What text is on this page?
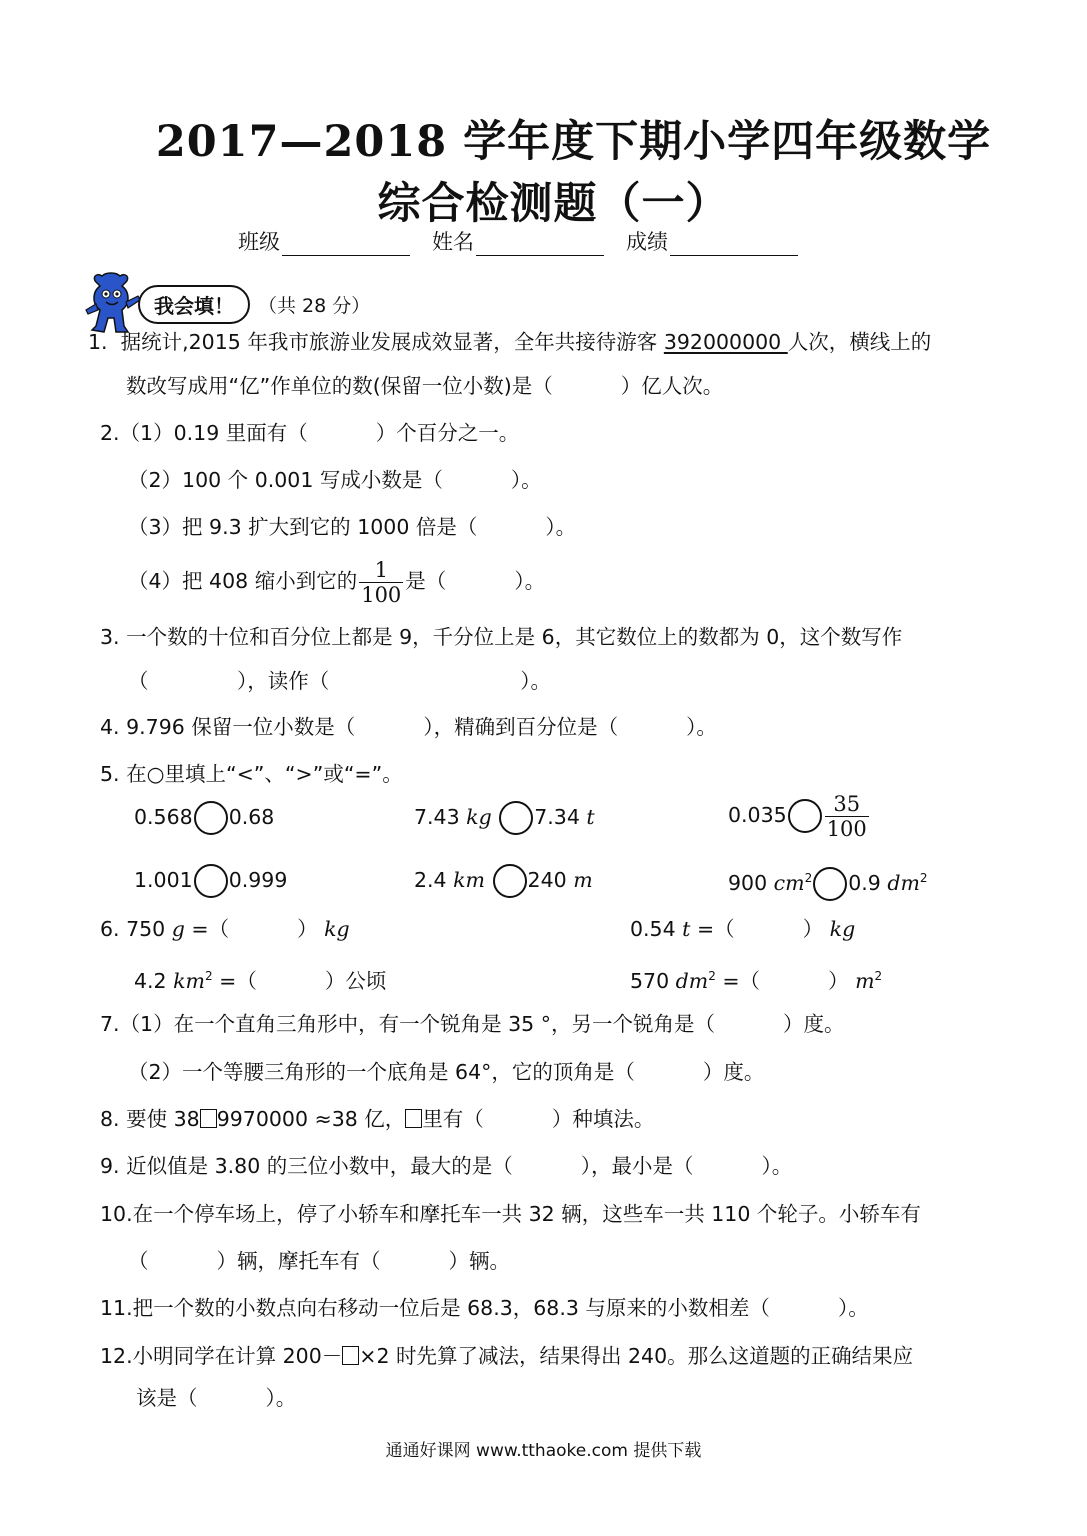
2017—2018 学年度下期小学四年级数学
综合检测题（一）
班级	姓名	成绩
我会填！	（共 28 分）
1. 据统计,2015 年我市旅游业发展成效显著，全年共接待游客 392000000 人次，横线上的
数改写成用“亿”作单位的数(保留一位小数)是（　　　 ）亿人次。
2.（1）0.19 里面有（　　　 ）个百分之一。
（2）100 个 0.001 写成小数是（　　　 ）。
（3）把 9.3 扩大到它的 1000 倍是（　　　 ）。
（4）把 408 缩小到它的 $\frac{1}{100}$ 是（　　　 ）。
3. 一个数的十位和百分位上都是 9，千分位上是 6，其它数位上的数都为 0，这个数写作
（　　　　 ），读作（　　　　　　　　　 ）。
4. 9.796 保留一位小数是（　　　 ），精确到百分位是（　　　 ）。
5. 在○里填上“<”、“>”或“=”。
0.568 0.68	7.43 kg 7.34 t	$0.035 \frac{35}{100}$
1.001 0.999	2.4 km 240 m	900 $cm^2$ 0.9 $dm^2$
6. 750 g =（　　　 ） kg	0.54 t =（　　　 ） kg
4.2 $km^2$ =（　　　 ）公顷	570 $dm^2$ =（　　　 ） $m^2$
7.（1）在一个直角三角形中，有一个锐角是 35 °，另一个锐角是（　　　 ）度。
（2）一个等腰三角形的一个底角是 64°，它的顶角是（　　　 ）度。
8. 要使 38 9970000 ≈38 亿， 里有（　　　 ）种填法。
9. 近似值是 3.80 的三位小数中，最大的是（　　　 ），最小是（　　　 ）。
10.在一个停车场上，停了小轿车和摩托车一共 32 辆，这些车一共 110 个轮子。小轿车有
（　　　 ）辆，摩托车有（　　　 ）辆。
11.把一个数的小数点向右移动一位后是 68.3，68.3 与原来的小数相差（　　　 ）。
12.小明同学在计算 200－ ×2 时先算了减法，结果得出 240。那么这道题的正确结果应
该是（　　　 ）。
通通好课网 www.tthaoke.com 提供下载
